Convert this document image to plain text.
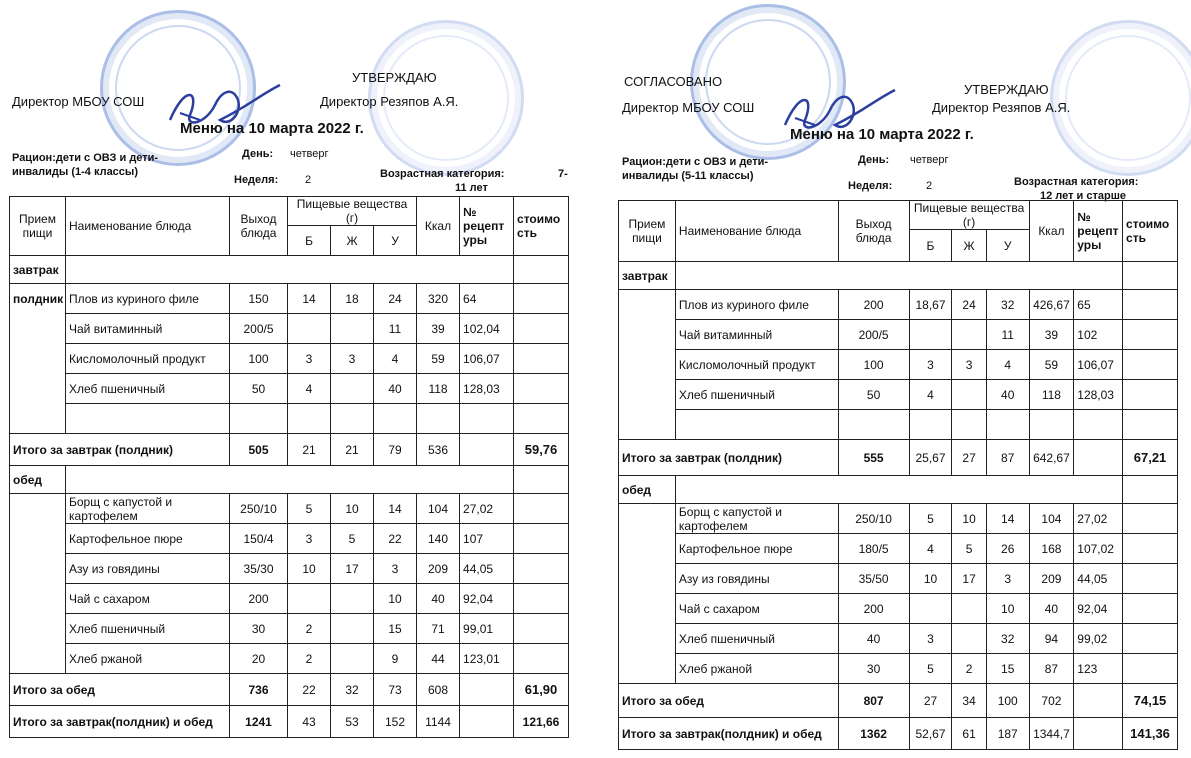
УТВЕРЖДАЮ
Директор МБОУ СОШ	Директор Резяпов А.Я.
Меню на 10 марта 2022 г.
Рацион:дети с ОВЗ и дети-
инвалиды (1-4 классы)
День: четверг
Неделя: 2	Возрастная категория:	7-
11 лет
Прием пищи	Наименование блюда	Выход блюда	Пищевые вещества (г)			Ккал	№ рецепт уры	стоимо сть
			Б	Ж	У			
завтрак								
полдник	Плов из куриного филе	150	14	18	24	320	64	
	Чай витаминный	200/5			11	39	102,04	
	Кисломолочный продукт	100	3	3	4	59	106,07	
	Хлеб пшеничный	50	4		40	118	128,03	

Итого за завтрак (полдник)		505	21	21	79	536		59,76
обед								
	Борщ с капустой и картофелем	250/10	5	10	14	104	27,02	
	Картофельное пюре	150/4	3	5	22	140	107	
	Азу из говядины	35/30	10	17	3	209	44,05	
	Чай с сахаром	200			10	40	92,04	
	Хлеб пшеничный	30	2		15	71	99,01	
	Хлеб ржаной	20	2		9	44	123,01	
Итого за обед		736	22	32	73	608		61,90
Итого за завтрак(полдник) и обед		1241	43	53	152	1144		121,66
СОГЛАСОВАНО
УТВЕРЖДАЮ
Директор МБОУ СОШ	Директор Резяпов А.Я.
Меню на 10 марта 2022 г.
Рацион:дети с ОВЗ и дети-
инвалиды (5-11 классы)
День: четверг
Неделя:	2	Возрастная категория:
12 лет и старше
Прием пищи	Наименование блюда	Выход блюда	Пищевые вещества (г)			Ккал	№ рецепт уры	стоимо сть
			Б	Ж	У			
завтрак								
	Плов из куриного филе	200	18,67	24	32	426,67	65	
	Чай витаминный	200/5			11	39	102	
	Кисломолочный продукт	100	3	3	4	59	106,07	
	Хлеб пшеничный	50	4		40	118	128,03	

Итого за завтрак (полдник)		555	25,67	27	87	642,67		67,21
обед								
	Борщ с капустой и картофелем	250/10	5	10	14	104	27,02	
	Картофельное пюре	180/5	4	5	26	168	107,02	
	Азу из говядины	35/50	10	17	3	209	44,05	
	Чай с сахаром	200			10	40	92,04	
	Хлеб пшеничный	40	3		32	94	99,02	
	Хлеб ржаной	30	5	2	15	87	123	
Итого за обед		807	27	34	100	702		74,15
Итого за завтрак(полдник) и обед		1362	52,67	61	187	1344,7		141,36
